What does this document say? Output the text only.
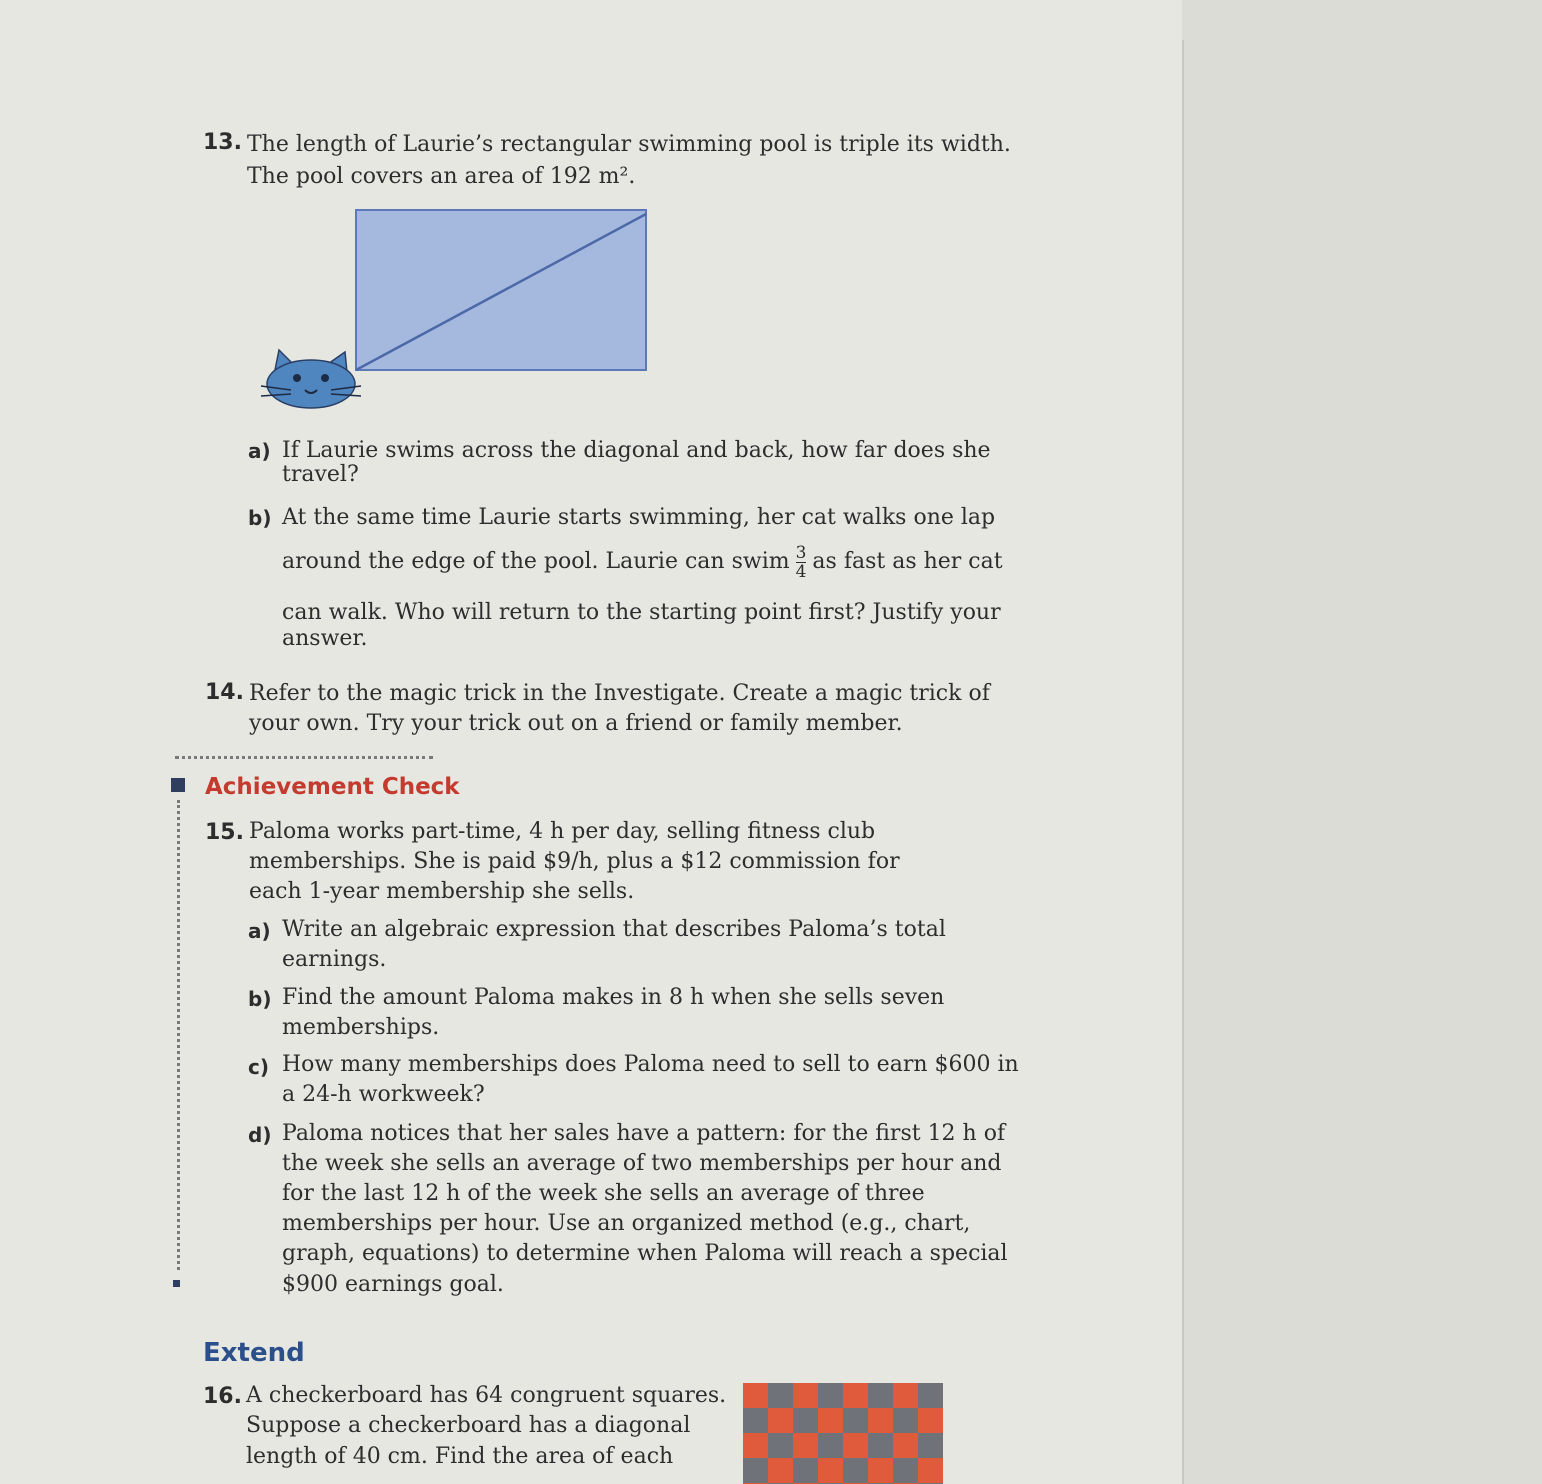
13. The length of Laurie’s rectangular swimming pool is triple its width.
The pool covers an area of 192 m².
a) If Laurie swims across the diagonal and back, how far does she
travel?
b) At the same time Laurie starts swimming, her cat walks one lap
around the edge of the pool. Laurie can swim $\frac{3}{4}$ as fast as her cat
can walk. Who will return to the starting point first? Justify your
answer.
14. Refer to the magic trick in the Investigate. Create a magic trick of
your own. Try your trick out on a friend or family member.
Achievement Check
15. Paloma works part-time, 4 h per day, selling fitness club
memberships. She is paid $9/h, plus a $12 commission for
each 1-year membership she sells.
a) Write an algebraic expression that describes Paloma’s total
earnings.
b) Find the amount Paloma makes in 8 h when she sells seven
memberships.
c) How many memberships does Paloma need to sell to earn $600 in
a 24-h workweek?
d) Paloma notices that her sales have a pattern: for the first 12 h of
the week she sells an average of two memberships per hour and
for the last 12 h of the week she sells an average of three
memberships per hour. Use an organized method (e.g., chart,
graph, equations) to determine when Paloma will reach a special
$900 earnings goal.
Extend
16. A checkerboard has 64 congruent squares.
Suppose a checkerboard has a diagonal
length of 40 cm. Find the area of each
